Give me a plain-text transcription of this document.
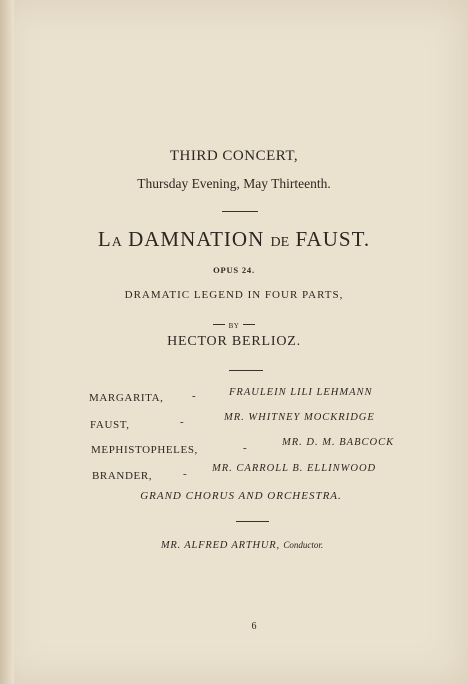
THIRD CONCERT,
Thursday Evening, May Thirteenth.
LA DAMNATION DE FAUST.
OPUS 24.
DRAMATIC LEGEND IN FOUR PARTS,
BY
HECTOR BERLIOZ.
MARGARITA,	-	FRAULEIN LILI LEHMANN
FAUST,	-	MR. WHITNEY MOCKRIDGE
MEPHISTOPHELES,	-	MR. D. M. BABCOCK
BRANDER,	- MR. CARROLL B. ELLINWOOD
GRAND CHORUS AND ORCHESTRA.
MR. ALFRED ARTHUR, Conductor.
6
